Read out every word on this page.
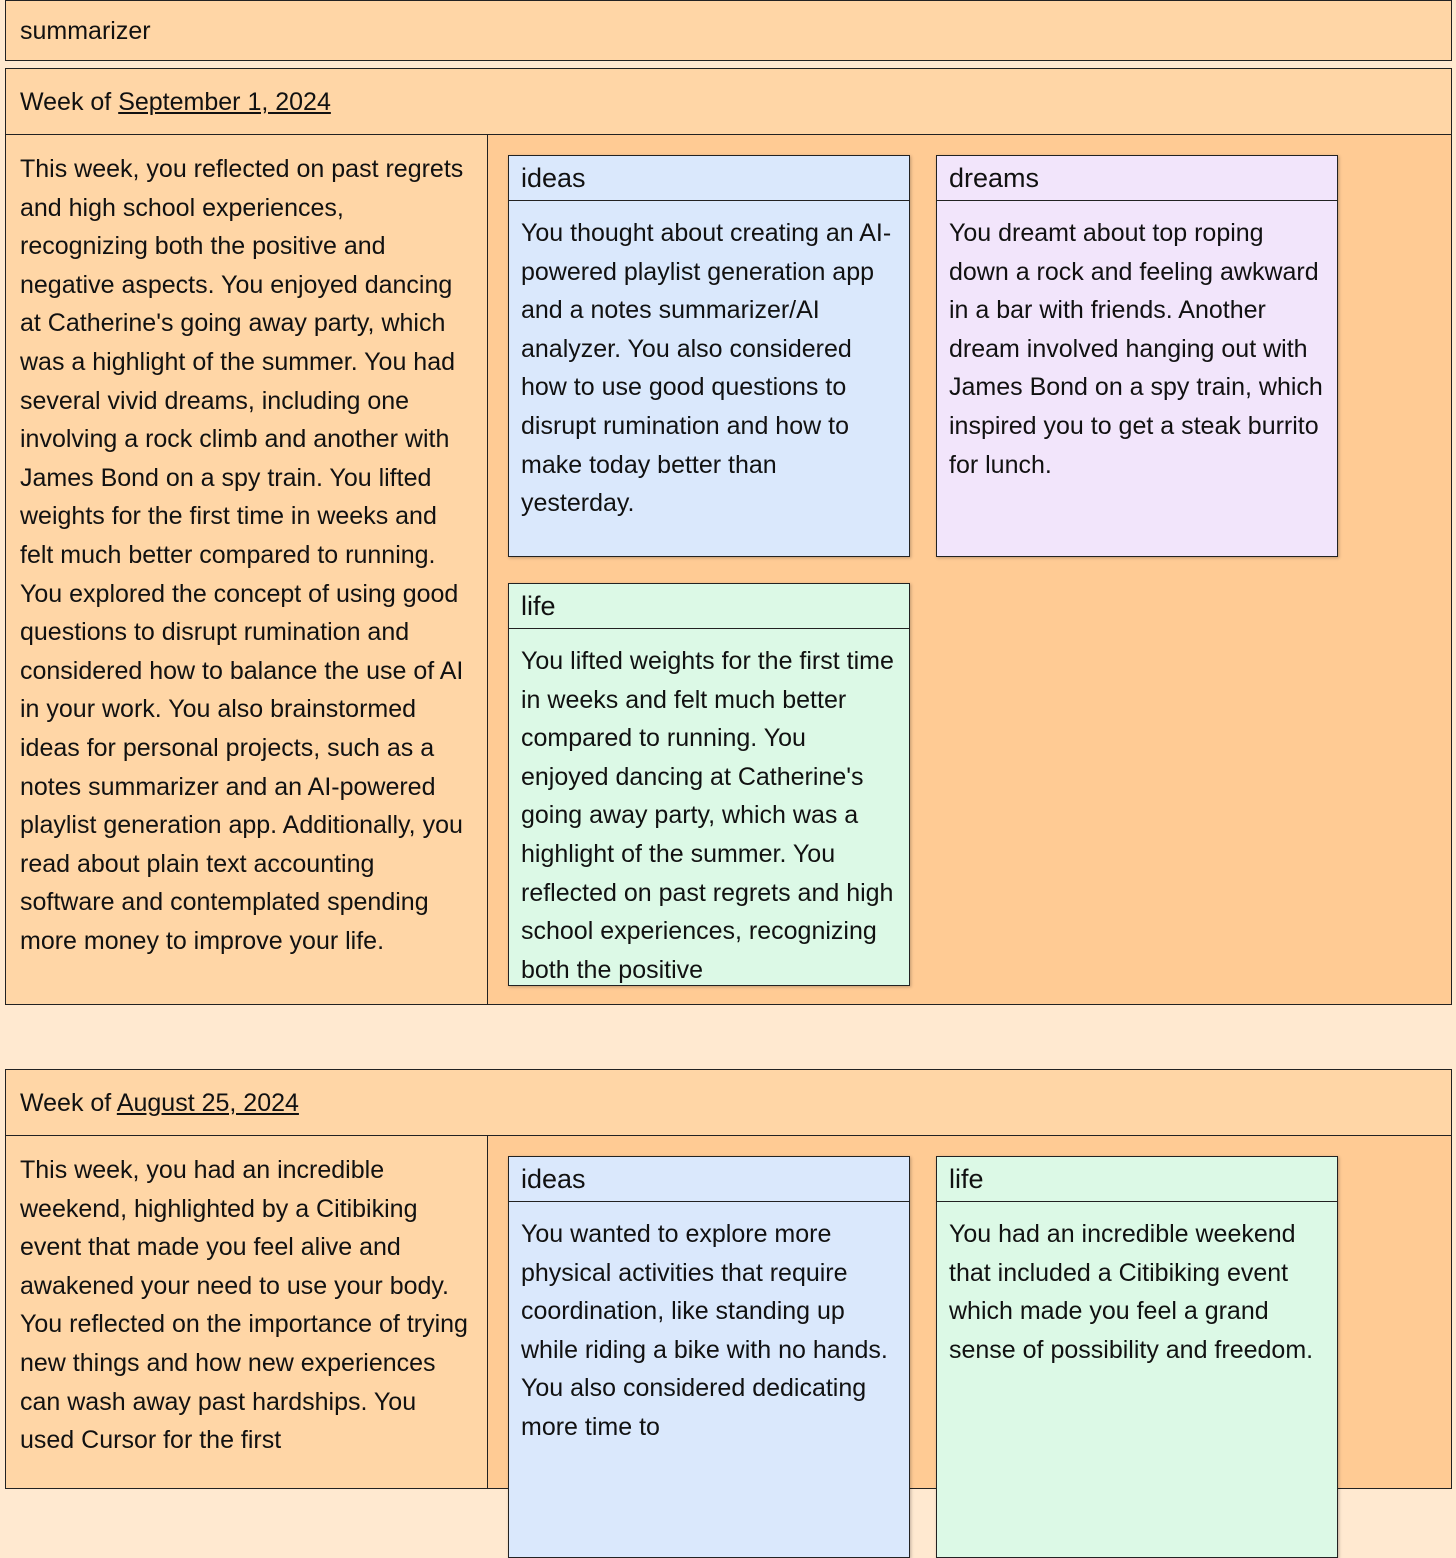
summarizer
Week of September 1, 2024
This week, you reflected on past regrets and high school experiences, recognizing both the positive and negative aspects. You enjoyed dancing at Catherine's going away party, which was a highlight of the summer. You had several vivid dreams, including one involving a rock climb and another with James Bond on a spy train. You lifted weights for the first time in weeks and felt much better compared to running. You explored the concept of using good questions to disrupt rumination and considered how to balance the use of AI in your work. You also brainstormed ideas for personal projects, such as a notes summarizer and an AI-powered playlist generation app. Additionally, you read about plain text accounting software and contemplated spending more money to improve your life.
ideas
You thought about creating an AI-powered playlist generation app and a notes summarizer/AI analyzer. You also considered how to use good questions to disrupt rumination and how to make today better than yesterday.
dreams
You dreamt about top roping down a rock and feeling awkward in a bar with friends. Another dream involved hanging out with James Bond on a spy train, which inspired you to get a steak burrito for lunch.
life
You lifted weights for the first time in weeks and felt much better compared to running. You enjoyed dancing at Catherine's going away party, which was a highlight of the summer. You reflected on past regrets and high school experiences, recognizing both the positive
Week of August 25, 2024
This week, you had an incredible weekend, highlighted by a Citibiking event that made you feel alive and awakened your need to use your body. You reflected on the importance of trying new things and how new experiences can wash away past hardships. You used Cursor for the first
ideas
You wanted to explore more physical activities that require coordination, like standing up while riding a bike with no hands. You also considered dedicating more time to
life
You had an incredible weekend that included a Citibiking event which made you feel a grand sense of possibility and freedom.
